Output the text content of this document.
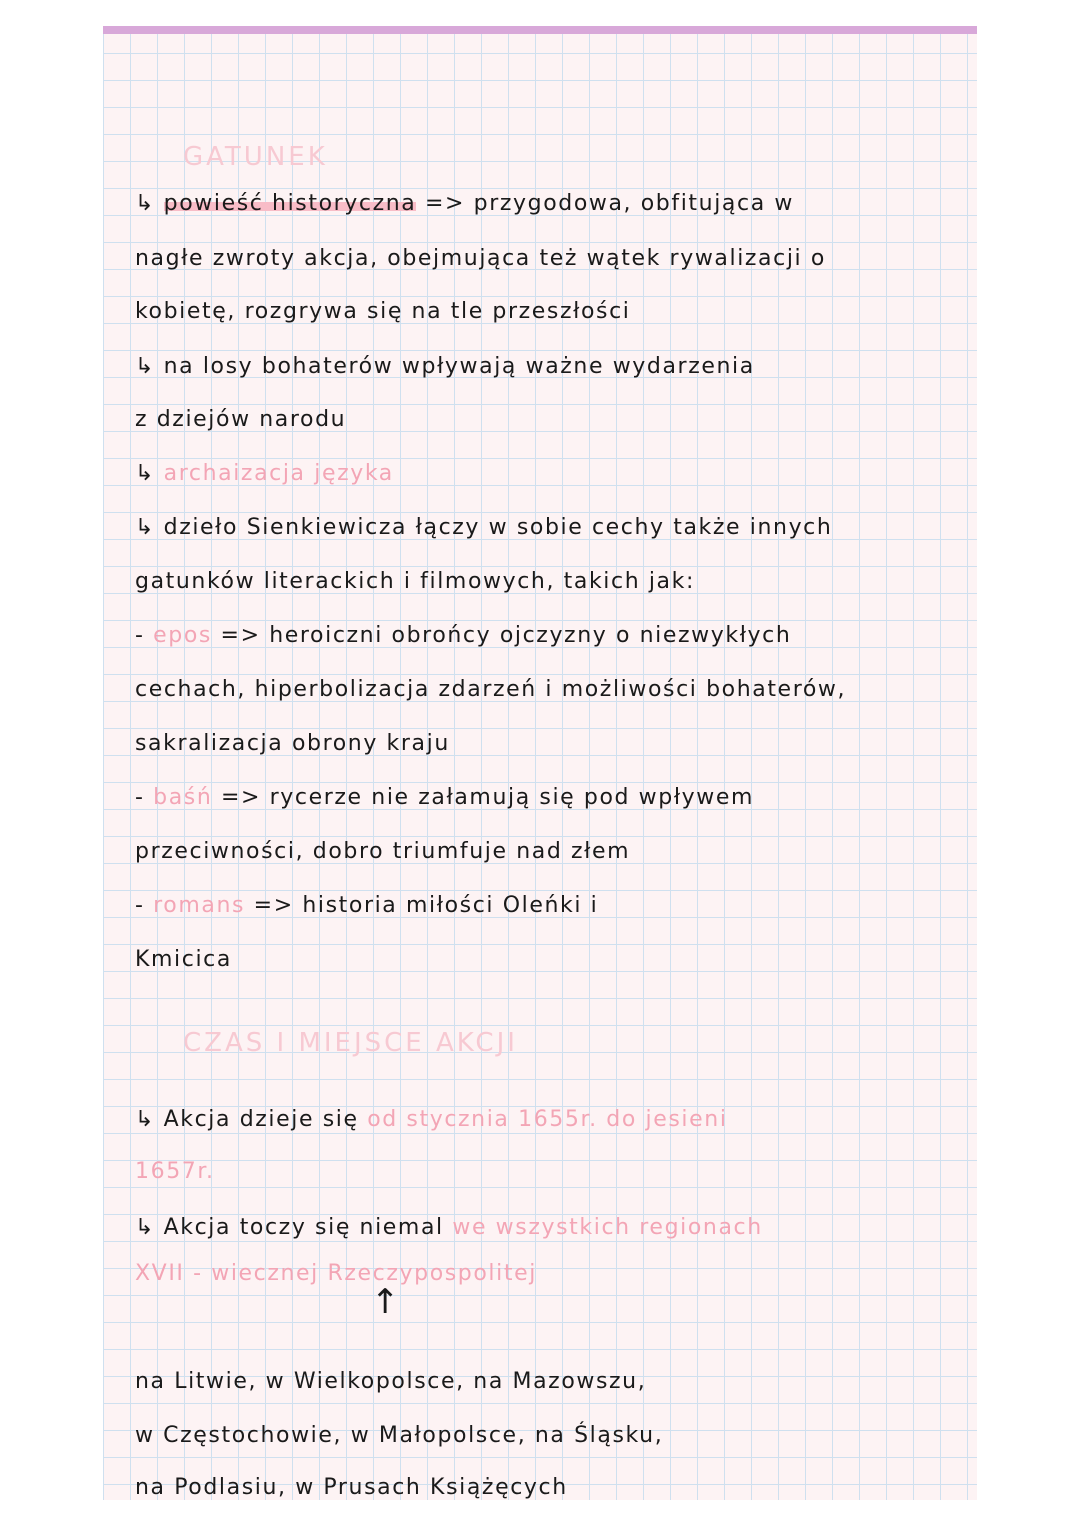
GATUNEK
↳ powieść historyczna => przygodowa, obfitująca w
nagłe zwroty akcja, obejmująca też wątek rywalizacji o
kobietę, rozgrywa się na tle przeszłości
↳ na losy bohaterów wpływają ważne wydarzenia
z dziejów narodu
↳ archaizacja języka
↳ dzieło Sienkiewicza łączy w sobie cechy także innych
gatunków literackich i filmowych, takich jak:
- epos => heroiczni obrońcy ojczyzny o niezwykłych
cechach, hiperbolizacja zdarzeń i możliwości bohaterów,
sakralizacja obrony kraju
- baśń => rycerze nie załamują się pod wpływem
przeciwności, dobro triumfuje nad złem
- romans => historia miłości Oleńki i
Kmicica
CZAS I MIEJSCE AKCJI
↳ Akcja dzieje się od stycznia 1655r. do jesieni
1657r.
↳ Akcja toczy się niemal we wszystkich regionach
XVII - wiecznej Rzeczypospolitej
↑
na Litwie, w Wielkopolsce, na Mazowszu,
w Częstochowie, w Małopolsce, na Śląsku,
na Podlasiu, w Prusach Książęcych
